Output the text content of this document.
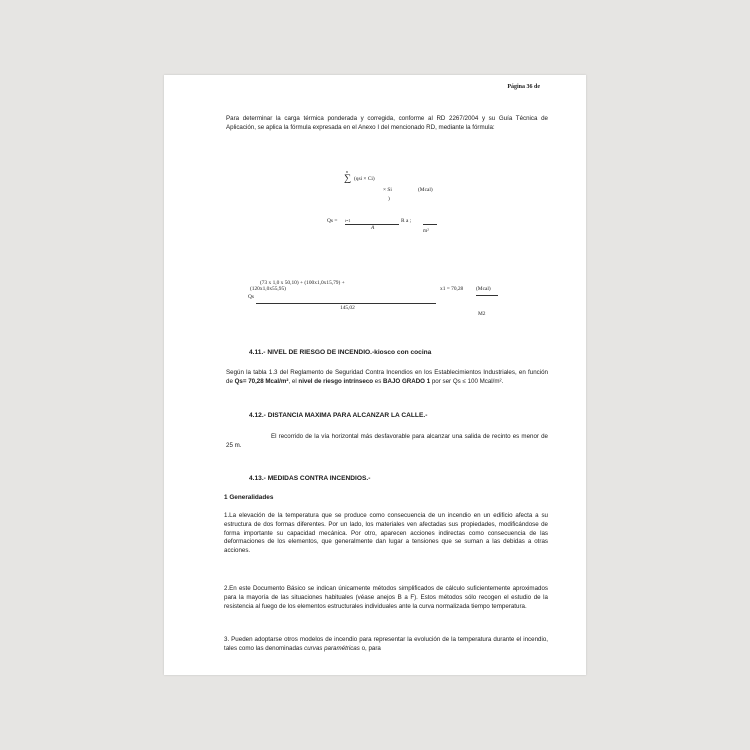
Página 36 de
Para determinar la carga térmica ponderada y corregida, conforme al RD 2267/2004 y su Guía Técnica de Aplicación, se aplica la fórmula expresada en el Anexo I del mencionado RD, mediante la fórmula:
n
∑ (qsi × Ci)
× Si	(Mcal)
)
Qs = i=1
A
R a ;
m²
(73 x 1,0 x 50,10) + (100x1,0x15,79) +
(120x1,0x55,95)
Qs
145,02
x1 = 70,28 (Mcal)
M2
4.11.- NIVEL DE RIESGO DE INCENDIO.-kiosco con cocina
Según la tabla 1.3 del Reglamento de Seguridad Contra Incendios en los Establecimientos Industriales, en función de Qs= 70,28 Mcal/m², el nivel de riesgo intrínseco es BAJO GRADO 1 por ser Qs ≤ 100 Mcal/m².
4.12.- DISTANCIA MAXIMA PARA ALCANZAR LA CALLE.-
El recorrido de la vía horizontal más desfavorable para alcanzar una salida de recinto es menor de 25 m.
4.13.- MEDIDAS CONTRA INCENDIOS.-
1 Generalidades
1.La elevación de la temperatura que se produce como consecuencia de un incendio en un edificio afecta a su estructura de dos formas diferentes. Por un lado, los materiales ven afectadas sus propiedades, modificándose de forma importante su capacidad mecánica. Por otro, aparecen acciones indirectas como consecuencia de las deformaciones de los elementos, que generalmente dan lugar a tensiones que se suman a las debidas a otras acciones.
2.En este Documento Básico se indican únicamente métodos simplificados de cálculo suficientemente aproximados para la mayoría de las situaciones habituales (véase anejos B a F). Estos métodos sólo recogen el estudio de la resistencia al fuego de los elementos estructurales individuales ante la curva normalizada tiempo temperatura.
3. Pueden adoptarse otros modelos de incendio para representar la evolución de la temperatura durante el incendio, tales como las denominadas curvas paramétricas o, para
